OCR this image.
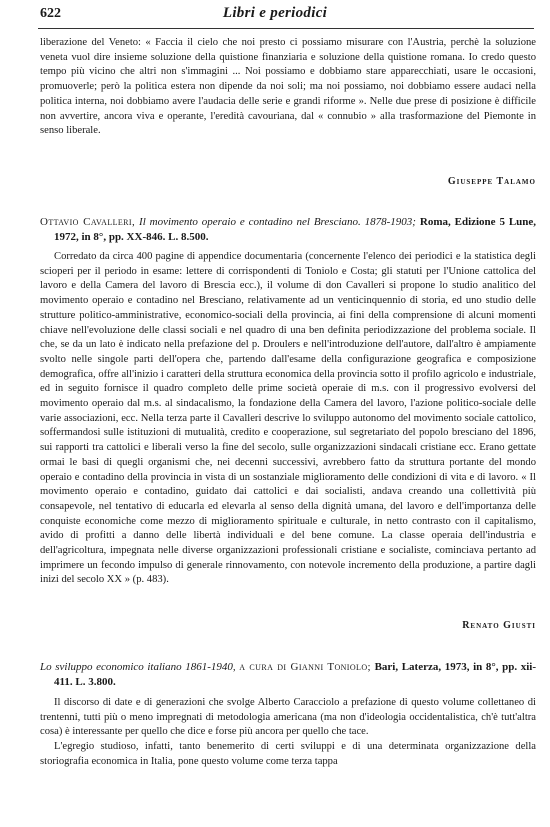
622	Libri e periodici

liberazione del Veneto: « Faccia il cielo che noi presto ci possiamo misurare con l'Austria, perchè la soluzione veneta vuol dire insieme soluzione della quistione finanziaria e soluzione della quistione romana. Io credo questo tempo più vicino che altri non s'immagini ... Noi possiamo e dobbiamo stare apparecchiati, usare le occasioni, promuoverle; però la politica estera non dipende da noi soli; ma noi possiamo, noi dobbiamo essere audaci nella politica interna, noi dobbiamo avere l'audacia delle serie e grandi riforme ». Nelle due prese di posizione è difficile non avvertire, ancora viva e operante, l'eredità cavouriana, dal « connubio » alla trasformazione del Piemonte in senso liberale.

Giuseppe Talamo

Ottavio Cavalleri, Il movimento operaio e contadino nel Bresciano. 1878-1903; Roma, Edizione 5 Lune, 1972, in 8°, pp. XX-846. L. 8.500.

Corredato da circa 400 pagine di appendice documentaria (concernente l'elenco dei periodici e la statistica degli scioperi per il periodo in esame: lettere di corrispondenti di Toniolo e Costa; gli statuti per l'Unione cattolica del lavoro e della Camera del lavoro di Brescia ecc.), il volume di don Cavalleri si propone lo studio analitico del movimento operaio e contadino nel Bresciano, relativamente ad un venticinquennio di storia, ed uno studio delle strutture politico-amministrative, economico-sociali della provincia, ai fini della comprensione di alcuni momenti chiave nell'evoluzione delle classi sociali e nel quadro di una ben definita periodizzazione del problema sociale. Il che, se da un lato è indicato nella prefazione del p. Droulers e nell'introduzione dell'autore, dall'altro è ampiamente svolto nelle singole parti dell'opera che, partendo dall'esame della configurazione geografica e composizione demografica, offre all'inizio i caratteri della struttura economica della provincia sotto il profilo agricolo e industriale, ed in seguito fornisce il quadro completo delle prime società operaie di m.s. con il progressivo evolversi del movimento operaio dal m.s. al sindacalismo, la fondazione della Camera del lavoro, l'azione politico-sociale delle varie associazioni, ecc. Nella terza parte il Cavalleri descrive lo sviluppo autonomo del movimento sociale cattolico, soffermandosi sulle istituzioni di mutualità, credito e cooperazione, sul segretariato del popolo bresciano del 1896, sui rapporti tra cattolici e liberali verso la fine del secolo, sulle organizzazioni sindacali cristiane ecc. Erano gettate ormai le basi di quegli organismi che, nei decenni successivi, avrebbero fatto da struttura portante del mondo operaio e contadino della provincia in vista di un sostanziale miglioramento delle condizioni di vita e di lavoro. « Il movimento operaio e contadino, guidato dai cattolici e dai socialisti, andava creando una collettività più consapevole, nel tentativo di educarla ed elevarla al senso della dignità umana, del lavoro e dell'importanza delle conquiste economiche come mezzo di miglioramento spirituale e culturale, in netto contrasto con il capitalismo, avido di profitti a danno delle libertà individuali e del bene comune. La classe operaia dell'industria e dell'agricoltura, impegnata nelle diverse organizzazioni professionali cristiane e socialiste, cominciava pertanto ad imprimere un fecondo impulso di generale rinnovamento, con notevole incremento della produzione, a partire dagli inizi del secolo XX » (p. 483).

Renato Giusti

Lo sviluppo economico italiano 1861-1940, a cura di Gianni Toniolo; Bari, Laterza, 1973, in 8°, pp. xii-411. L. 3.800.

Il discorso di date e di generazioni che svolge Alberto Caracciolo a prefazione di questo volume collettaneo di trentenni, tutti più o meno impregnati di metodologia americana (ma non d'ideologia occidentalistica, ch'è tutt'altra cosa) è interessante per quello che dice e forse più ancora per quello che tace.

L'egregio studioso, infatti, tanto benemerito di certi sviluppi e di una determinata organizzazione della storiografia economica in Italia, pone questo volume come terza tappa
